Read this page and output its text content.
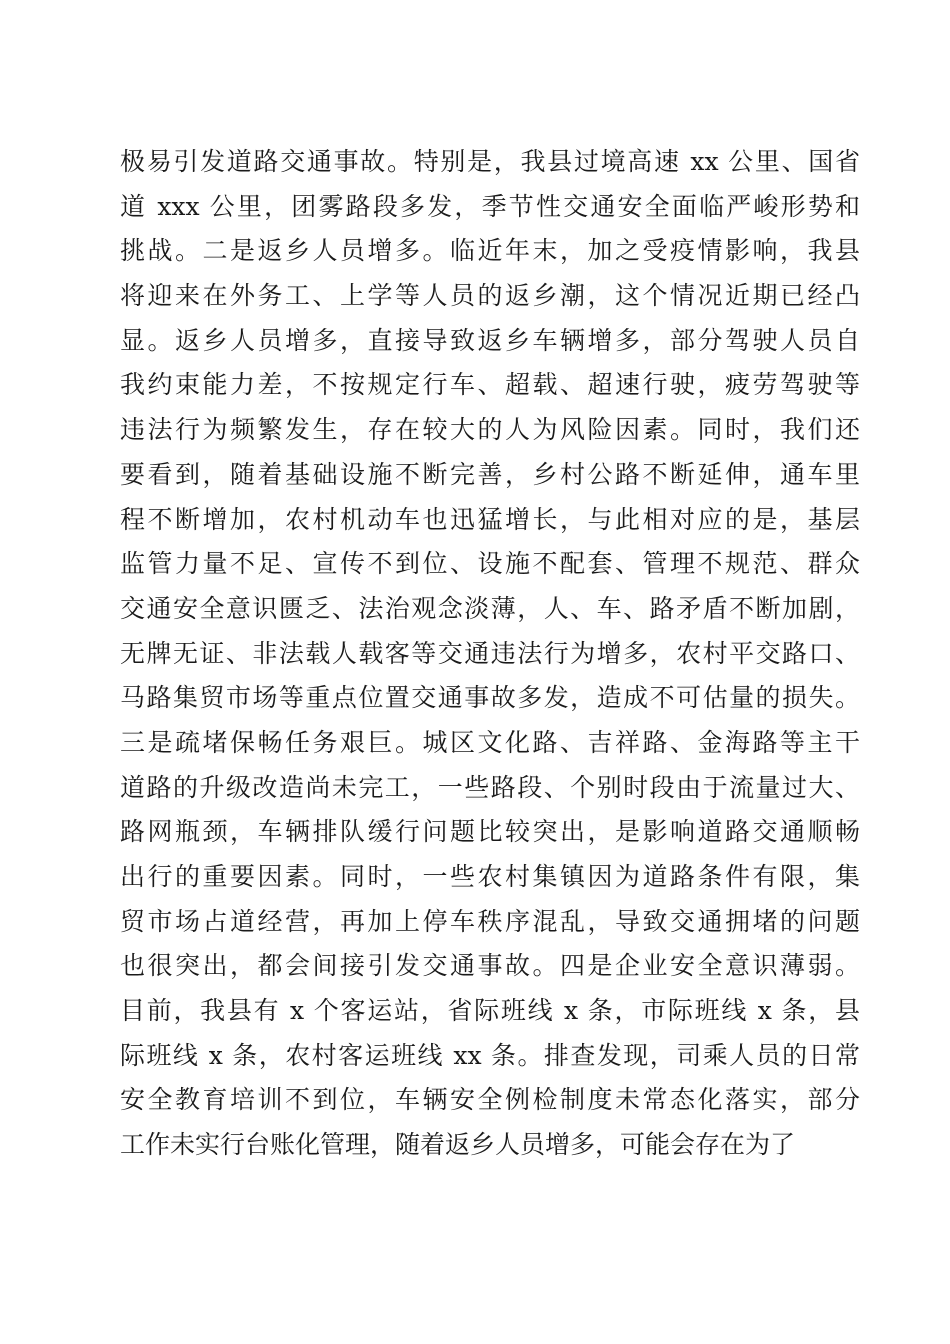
极易引发道路交通事故。特别是，我县过境高速 xx 公里、国省
道 xxx 公里，团雾路段多发，季节性交通安全面临严峻形势和
挑战。二是返乡人员增多。临近年末，加之受疫情影响，我县
将迎来在外务工、上学等人员的返乡潮，这个情况近期已经凸
显。返乡人员增多，直接导致返乡车辆增多，部分驾驶人员自
我约束能力差，不按规定行车、超载、超速行驶，疲劳驾驶等
违法行为频繁发生，存在较大的人为风险因素。同时，我们还
要看到，随着基础设施不断完善，乡村公路不断延伸，通车里
程不断增加，农村机动车也迅猛增长，与此相对应的是，基层
监管力量不足、宣传不到位、设施不配套、管理不规范、群众
交通安全意识匮乏、法治观念淡薄，人、车、路矛盾不断加剧，
无牌无证、非法载人载客等交通违法行为增多，农村平交路口、
马路集贸市场等重点位置交通事故多发，造成不可估量的损失。
三是疏堵保畅任务艰巨。城区文化路、吉祥路、金海路等主干
道路的升级改造尚未完工，一些路段、个别时段由于流量过大、
路网瓶颈，车辆排队缓行问题比较突出，是影响道路交通顺畅
出行的重要因素。同时，一些农村集镇因为道路条件有限，集
贸市场占道经营，再加上停车秩序混乱，导致交通拥堵的问题
也很突出，都会间接引发交通事故。四是企业安全意识薄弱。
目前，我县有 x 个客运站，省际班线 x 条，市际班线 x 条，县
际班线 x 条，农村客运班线 xx 条。排查发现，司乘人员的日常
安全教育培训不到位，车辆安全例检制度未常态化落实，部分
工作未实行台账化管理，随着返乡人员增多，可能会存在为了
